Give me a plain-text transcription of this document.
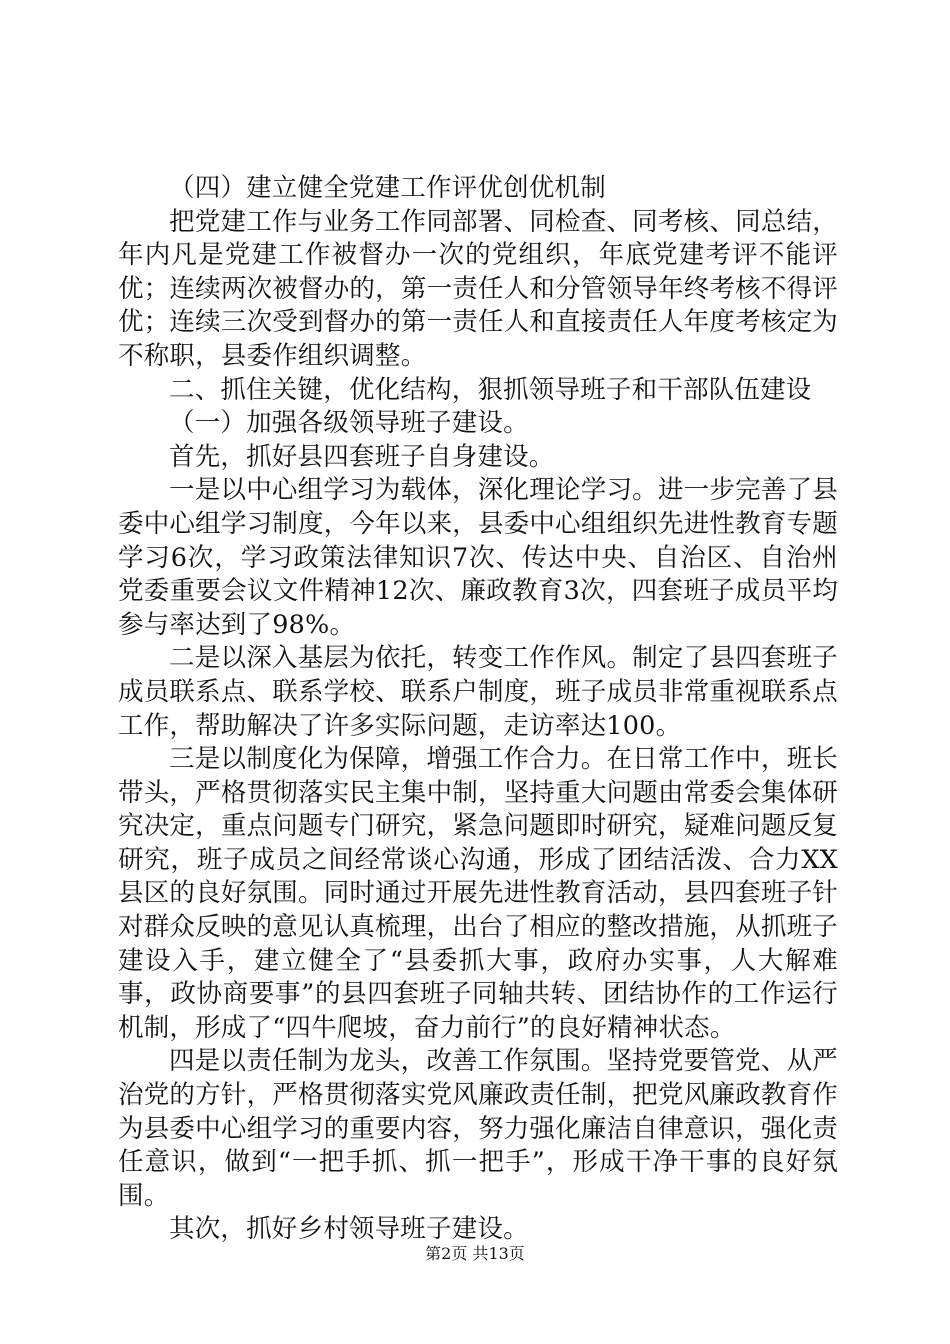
（四）建立健全党建工作评优创优机制

把党建工作与业务工作同部署、同检查、同考核、同总结，年内凡是党建工作被督办一次的党组织，年底党建考评不能评优；连续两次被督办的，第一责任人和分管领导年终考核不得评优；连续三次受到督办的第一责任人和直接责任人年度考核定为不称职，县委作组织调整。

二、抓住关键，优化结构，狠抓领导班子和干部队伍建设

（一）加强各级领导班子建设。

首先，抓好县四套班子自身建设。

一是以中心组学习为载体，深化理论学习。进一步完善了县委中心组学习制度，今年以来，县委中心组组织先进性教育专题学习6次，学习政策法律知识7次、传达中央、自治区、自治州党委重要会议文件精神12次、廉政教育3次，四套班子成员平均参与率达到了98%。

二是以深入基层为依托，转变工作作风。制定了县四套班子成员联系点、联系学校、联系户制度，班子成员非常重视联系点工作，帮助解决了许多实际问题，走访率达100。

三是以制度化为保障，增强工作合力。在日常工作中，班长带头，严格贯彻落实民主集中制，坚持重大问题由常委会集体研究决定，重点问题专门研究，紧急问题即时研究，疑难问题反复研究，班子成员之间经常谈心沟通，形成了团结活泼、合力XX县区的良好氛围。同时通过开展先进性教育活动，县四套班子针对群众反映的意见认真梳理，出台了相应的整改措施，从抓班子建设入手，建立健全了“县委抓大事，政府办实事，人大解难事，政协商要事”的县四套班子同轴共转、团结协作的工作运行机制，形成了“四牛爬坡，奋力前行”的良好精神状态。

四是以责任制为龙头，改善工作氛围。坚持党要管党、从严治党的方针，严格贯彻落实党风廉政责任制，把党风廉政教育作为县委中心组学习的重要内容，努力强化廉洁自律意识，强化责任意识，做到“一把手抓、抓一把手”，形成干净干事的良好氛围。

其次，抓好乡村领导班子建设。

第2页 共13页
